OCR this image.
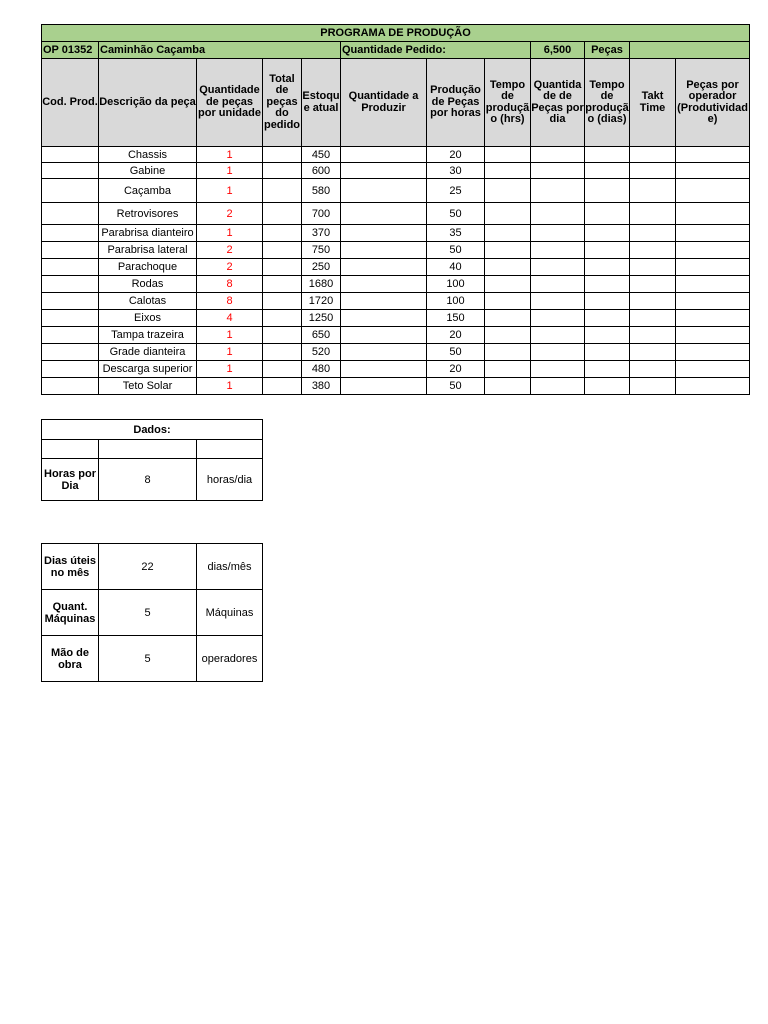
PROGRAMA DE PRODUÇÃO											
OP 01352	Caminhão Caçamba				Quantidade Pedido:			6,500	Peças		
Cod. Prod.	Descrição da peça	Quantidade de peças por unidade	Total de peças do pedido	Estoque atual	Quantidade a Produzir	Produção de Peças por horas	Tempo de produção (hrs)	Quantidade de Peças por dia	Tempo de produção (dias)	Takt Time	Peças por operador (Produtividade)
	Chassis	1		450		20					
	Gabine	1		600		30					
	Caçamba	1		580		25					
	Retrovisores	2		700		50					
	Parabrisa dianteiro	1		370		35					
	Parabrisa lateral	2		750		50					
	Parachoque	2		250		40					
	Rodas	8		1680		100					
	Calotas	8		1720		100					
	Eixos	4		1250		150					
	Tampa trazeira	1		650		20					
	Grade dianteira	1		520		50					
	Descarga superior	1		480		20					
	Teto Solar	1		380		50					
Dados:		

Horas por Dia	8	horas/dia
Dias úteis no mês	22	dias/mês
Quant. Máquinas	5	Máquinas
Mão de obra	5	operadores
